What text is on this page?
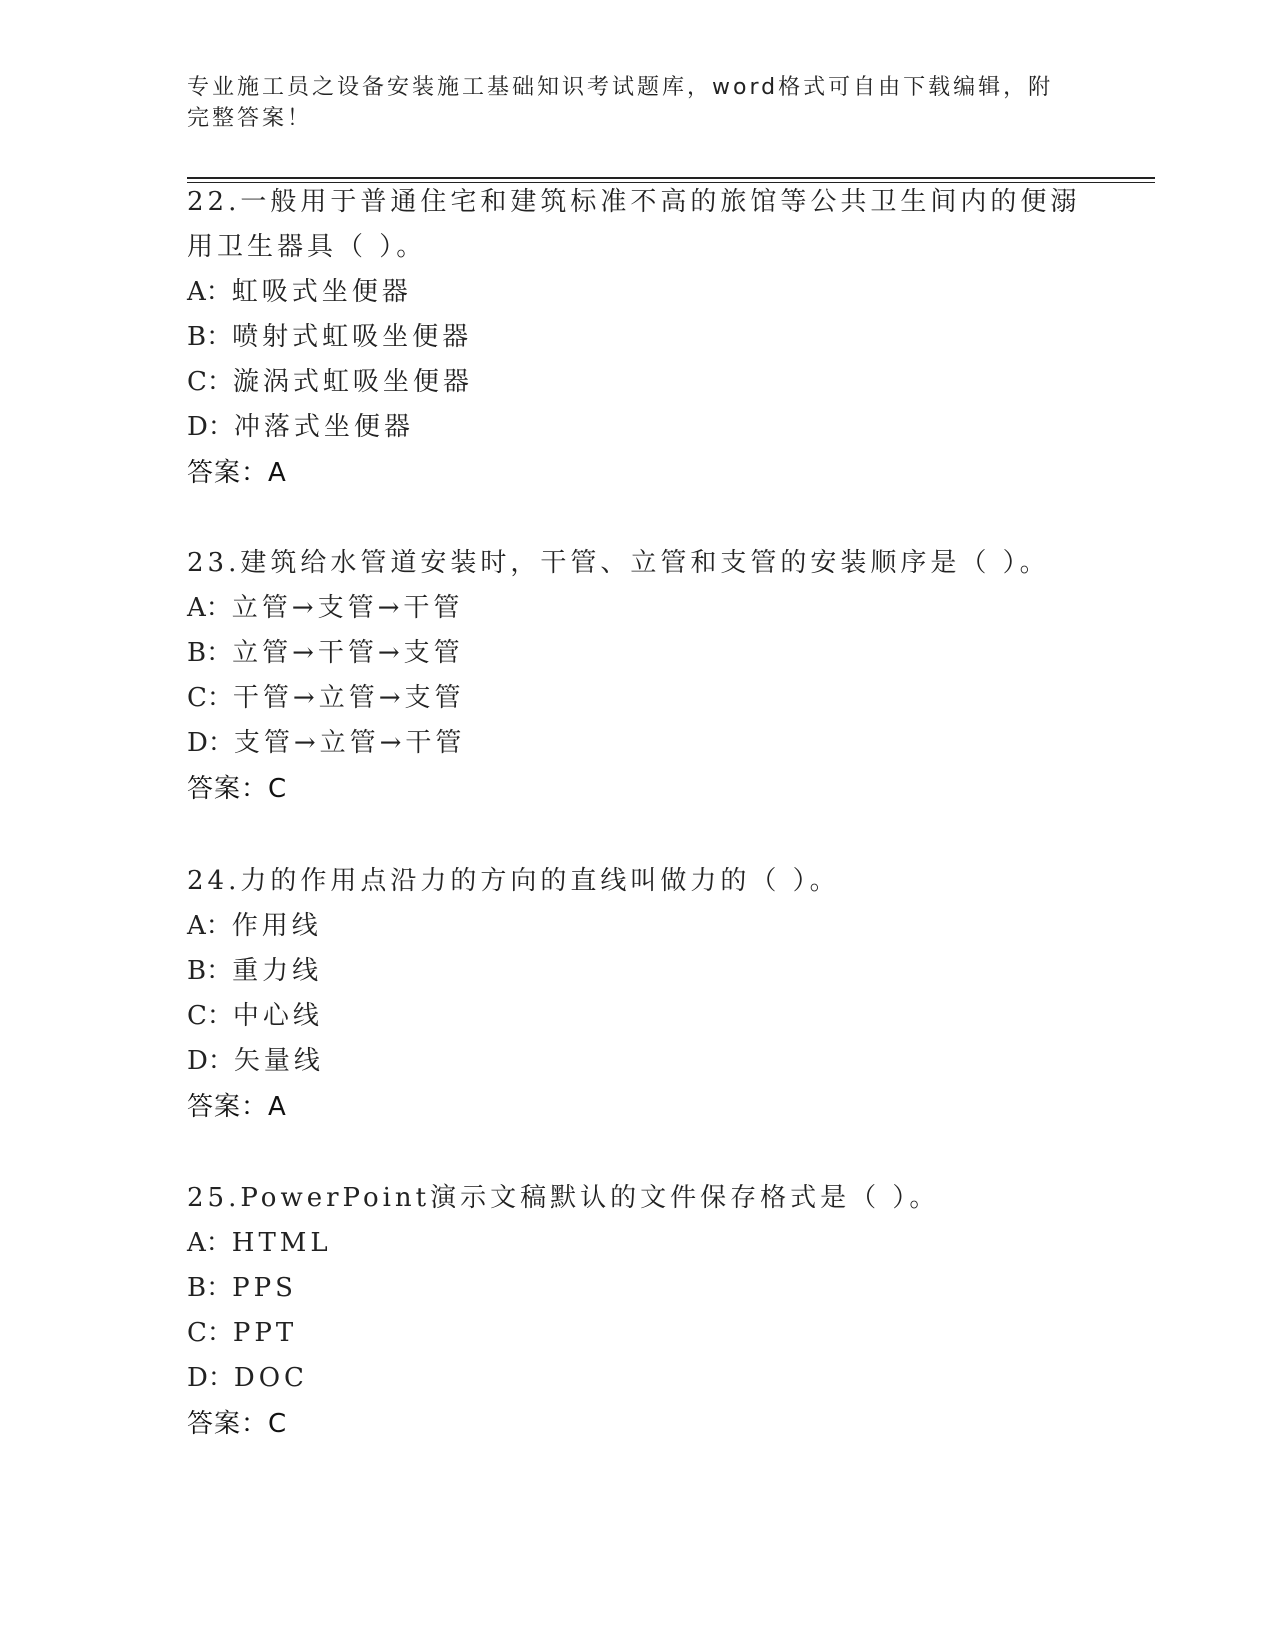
专业施工员之设备安装施工基础知识考试题库，word格式可自由下载编辑，附完整答案！

22.一般用于普通住宅和建筑标准不高的旅馆等公共卫生间内的便溺用卫生器具（ ）。

A：虹吸式坐便器

B：喷射式虹吸坐便器

C：漩涡式虹吸坐便器

D：冲落式坐便器

答案：A

23.建筑给水管道安装时，干管、立管和支管的安装顺序是（ ）。

A：立管→支管→干管

B：立管→干管→支管

C：干管→立管→支管

D：支管→立管→干管

答案：C

24.力的作用点沿力的方向的直线叫做力的（ ）。

A：作用线

B：重力线

C：中心线

D：矢量线

答案：A

25.PowerPoint演示文稿默认的文件保存格式是（ ）。

A：HTML

B：PPS

C：PPT

D：DOC

答案：C
